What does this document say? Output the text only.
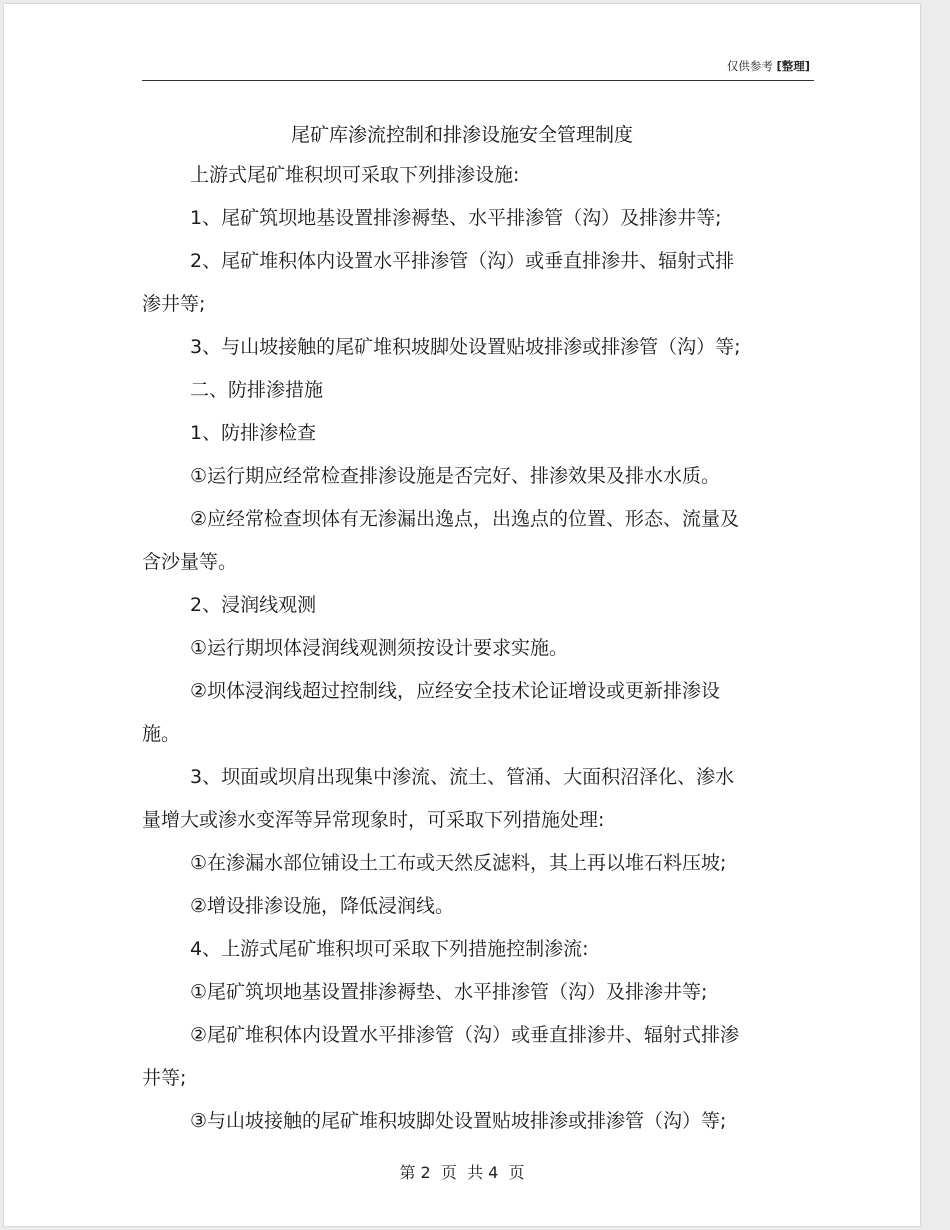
仅供参考 [整理]
尾矿库渗流控制和排渗设施安全管理制度

上游式尾矿堆积坝可采取下列排渗设施:

1、尾矿筑坝地基设置排渗褥垫、水平排渗管（沟）及排渗井等;

2、尾矿堆积体内设置水平排渗管（沟）或垂直排渗井、辐射式排

渗井等;

3、与山坡接触的尾矿堆积坡脚处设置贴坡排渗或排渗管（沟）等;

二、防排渗措施

1、防排渗检查

①运行期应经常检查排渗设施是否完好、排渗效果及排水水质。

②应经常检查坝体有无渗漏出逸点，出逸点的位置、形态、流量及

含沙量等。

2、浸润线观测

①运行期坝体浸润线观测须按设计要求实施。

②坝体浸润线超过控制线，应经安全技术论证增设或更新排渗设

施。

3、坝面或坝肩出现集中渗流、流土、管涌、大面积沼泽化、渗水

量增大或渗水变浑等异常现象时，可采取下列措施处理:

①在渗漏水部位铺设土工布或天然反滤料，其上再以堆石料压坡;

②增设排渗设施，降低浸润线。

4、上游式尾矿堆积坝可采取下列措施控制渗流:

①尾矿筑坝地基设置排渗褥垫、水平排渗管（沟）及排渗井等;

②尾矿堆积体内设置水平排渗管（沟）或垂直排渗井、辐射式排渗

井等;

③与山坡接触的尾矿堆积坡脚处设置贴坡排渗或排渗管（沟）等;

第 2  页  共 4  页
